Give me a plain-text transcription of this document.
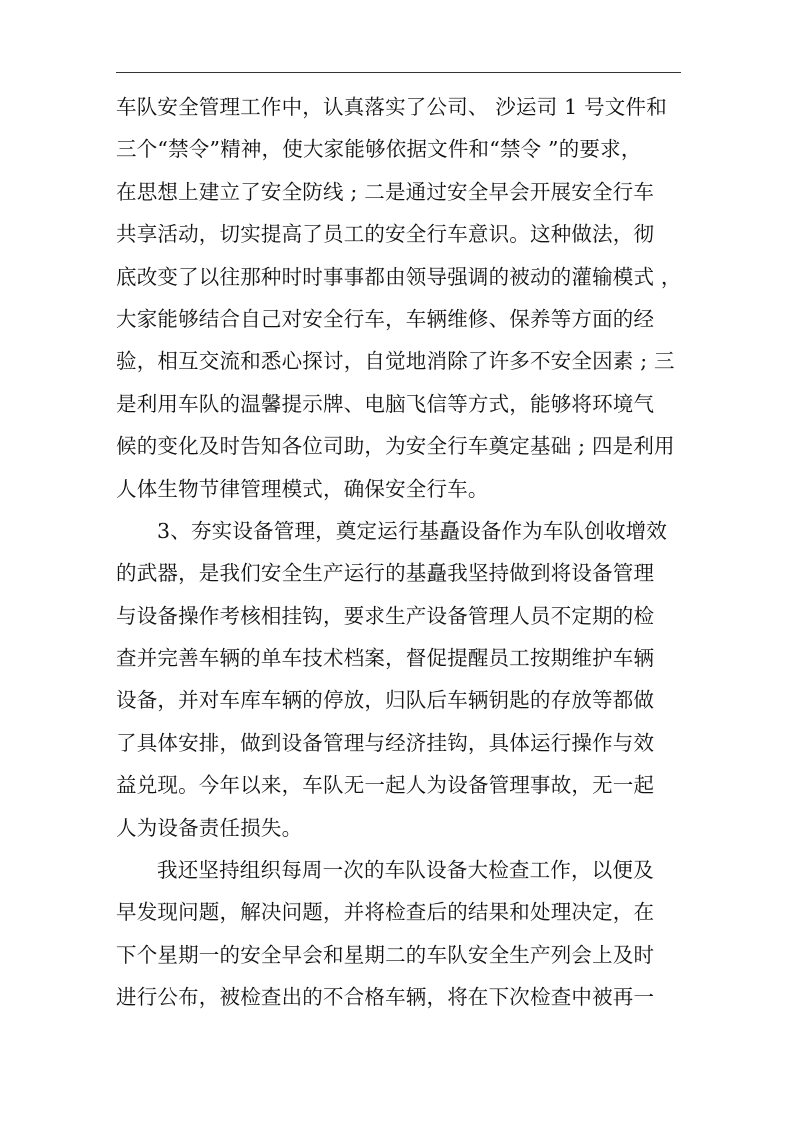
车队安全管理工作中，认真落实了公司、 沙运司 1 号文件和
三个“禁令”精神，使大家能够依据文件和“禁令 ”的要求，
在思想上建立了安全防线 ; 二是通过安全早会开展安全行车
共享活动，切实提高了员工的安全行车意识。这种做法，彻
底改变了以往那种时时事事都由领导强调的被动的灌输模式 ，
大家能够结合自己对安全行车，车辆维修、保养等方面的经
验，相互交流和悉心探讨，自觉地消除了许多不安全因素 ; 三
是利用车队的温馨提示牌、电脑飞信等方式，能够将环境气
候的变化及时告知各位司助，为安全行车奠定基础 ; 四是利用
人体生物节律管理模式，确保安全行车。
3、夯实设备管理，奠定运行基矗设备作为车队创收增效
的武器，是我们安全生产运行的基矗我坚持做到将设备管理
与设备操作考核相挂钩，要求生产设备管理人员不定期的检
查并完善车辆的单车技术档案，督促提醒员工按期维护车辆
设备，并对车库车辆的停放，归队后车辆钥匙的存放等都做
了具体安排，做到设备管理与经济挂钩，具体运行操作与效
益兑现。今年以来，车队无一起人为设备管理事故，无一起
人为设备责任损失。
我还坚持组织每周一次的车队设备大检查工作，以便及
早发现问题，解决问题，并将检查后的结果和处理决定，在
下个星期一的安全早会和星期二的车队安全生产列会上及时
进行公布，被检查出的不合格车辆，将在下次检查中被再一
